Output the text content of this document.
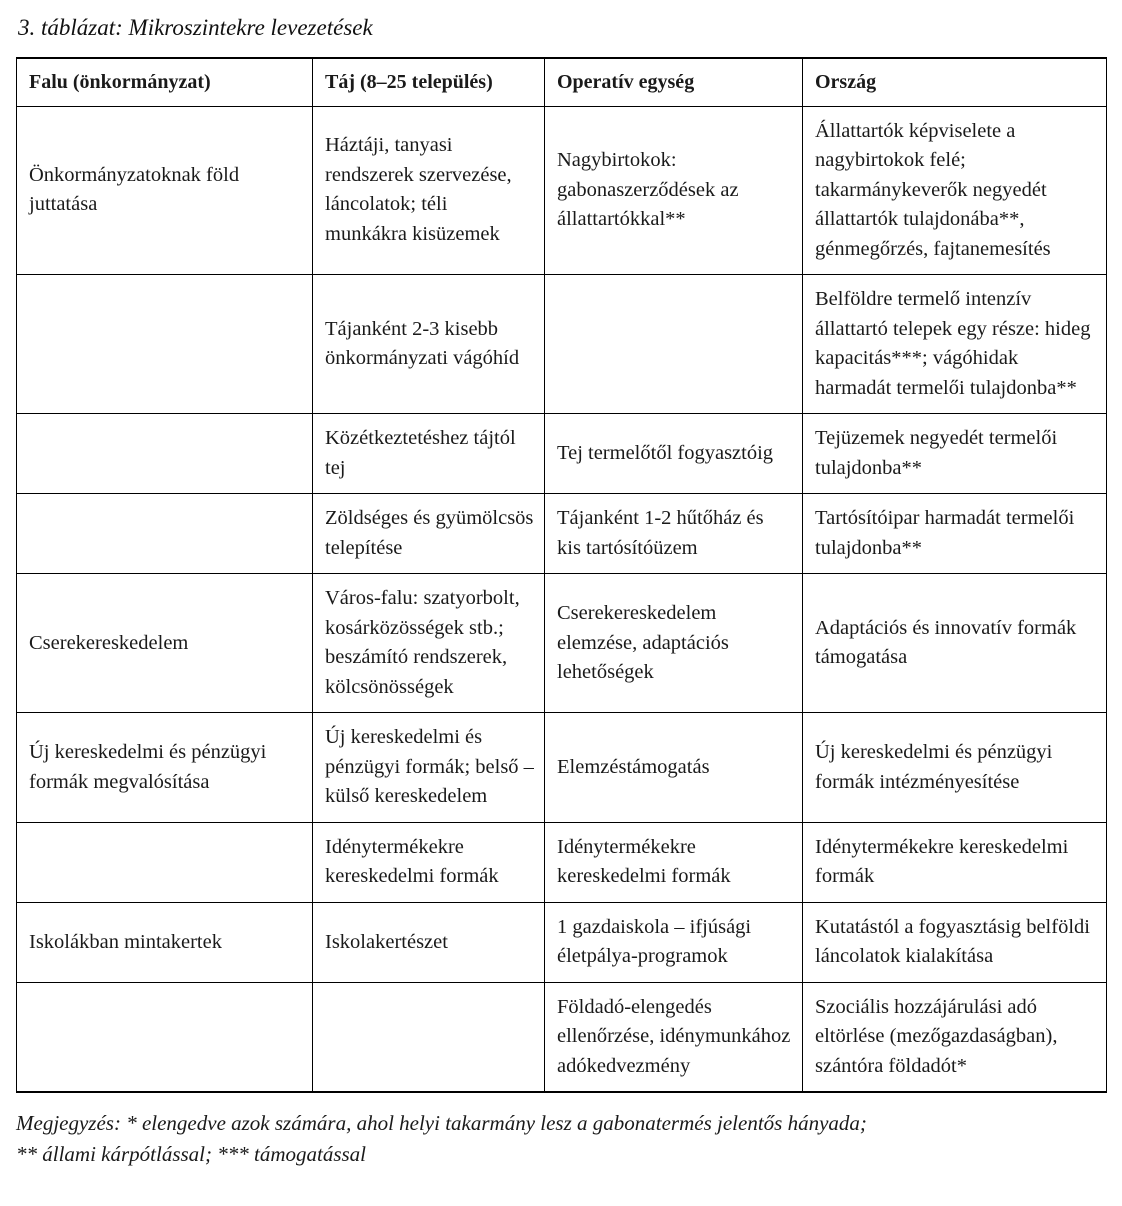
3. táblázat: Mikroszintekre levezetések
Falu (önkormányzat)	Táj (8–25 település)	Operatív egység	Ország
Önkormányzatoknak föld juttatása	Háztáji, tanyasi rendszerek szervezése, láncolatok; téli munkákra kisüzemek	Nagybirtokok: gabonaszerződések az állattartókkal**	Állattartók képviselete a nagybirtokok felé; takarmánykeverők negyedét állattartók tulajdonába**, génmegőrzés, fajtanemesítés
	Tájanként 2-3 kisebb önkormányzati vágóhíd		Belföldre termelő intenzív állattartó telepek egy része: hideg kapacitás***; vágóhidak harmadát termelői tulajdonba**
	Közétkeztetéshez tájtól tej	Tej termelőtől fogyasztóig	Tejüzemek negyedét termelői tulajdonba**
	Zöldséges és gyümölcsös telepítése	Tájanként 1-2 hűtőház és kis tartósítóüzem	Tartósítóipar harmadát termelői tulajdonba**
Cserekereskedelem	Város-falu: szatyorbolt, kosárközösségek stb.; beszámító rendszerek, kölcsönösségek	Cserekereskedelem elemzése, adaptációs lehetőségek	Adaptációs és innovatív formák támogatása
Új kereskedelmi és pénzügyi formák megvalósítása	Új kereskedelmi és pénzügyi formák; belső – külső kereskedelem	Elemzéstámogatás	Új kereskedelmi és pénzügyi formák intézményesítése
	Idénytermékekre kereskedelmi formák	Idénytermékekre kereskedelmi formák	Idénytermékekre kereskedelmi formák
Iskolákban mintakertek	Iskolakertészet	1 gazdaiskola – ifjúsági életpálya-programok	Kutatástól a fogyasztásig belföldi láncolatok kialakítása
		Földadó-elengedés ellenőrzése, idénymunkához adókedvezmény	Szociális hozzájárulási adó eltörlése (mezőgazdaságban), szántóra földadót*
Megjegyzés: * elengedve azok számára, ahol helyi takarmány lesz a gabonatermés jelentős hányada;
** állami kárpótlással; *** támogatással
